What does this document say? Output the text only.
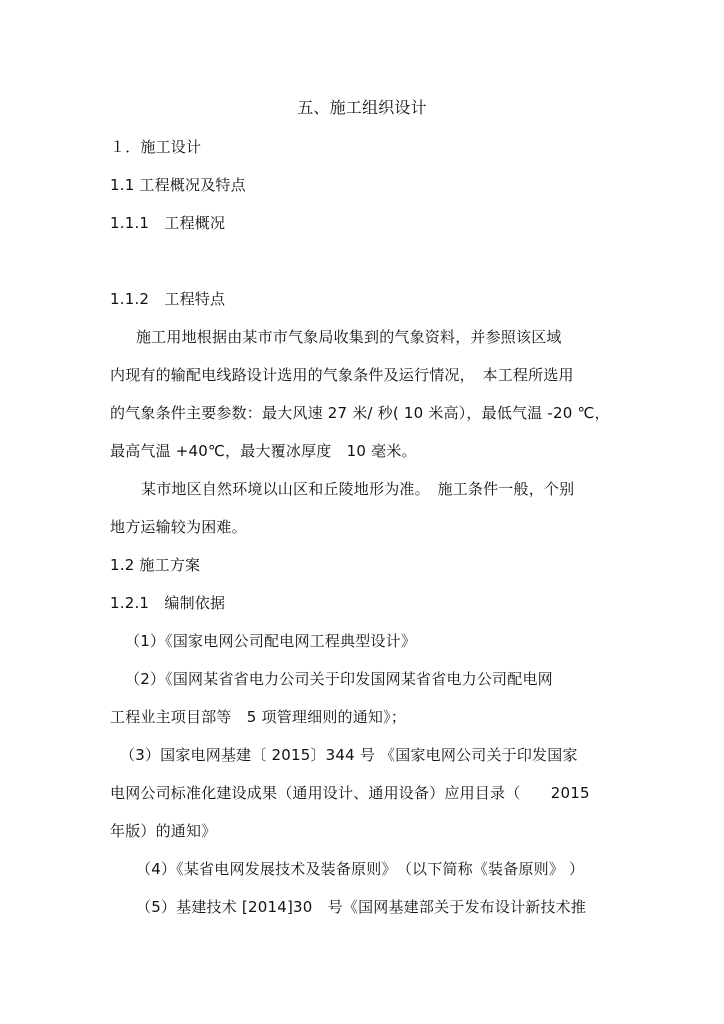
五、施工组织设计
１．施工设计
1.1 工程概况及特点
1.1.1　工程概况
1.1.2　工程特点
施工用地根据由某市市气象局收集到的气象资料，并参照该区域
内现有的输配电线路设计选用的气象条件及运行情况，　本工程所选用
的气象条件主要参数：最大风速 27 米/ 秒( 10 米高），最低气温 -20 ℃，
最高气温 +40℃，最大覆冰厚度　10 毫米。
某市地区自然环境以山区和丘陵地形为准。　施工条件一般，个别
地方运输较为困难。
1.2 施工方案
1.2.1　编制依据
（1）《国家电网公司配电网工程典型设计》
（2）《国网某省省电力公司关于印发国网某省省电力公司配电网
工程业主项目部等　5 项管理细则的通知》；
（3）国家电网基建〔 2015〕344 号 《国家电网公司关于印发国家
电网公司标准化建设成果（通用设计、通用设备）应用目录（　　2015
年版）的通知》
（4）《某省电网发展技术及装备原则》　（以下简称《装备原则》 ）
（5）基建技术 [2014]30　号《国网基建部关于发布设计新技术推
